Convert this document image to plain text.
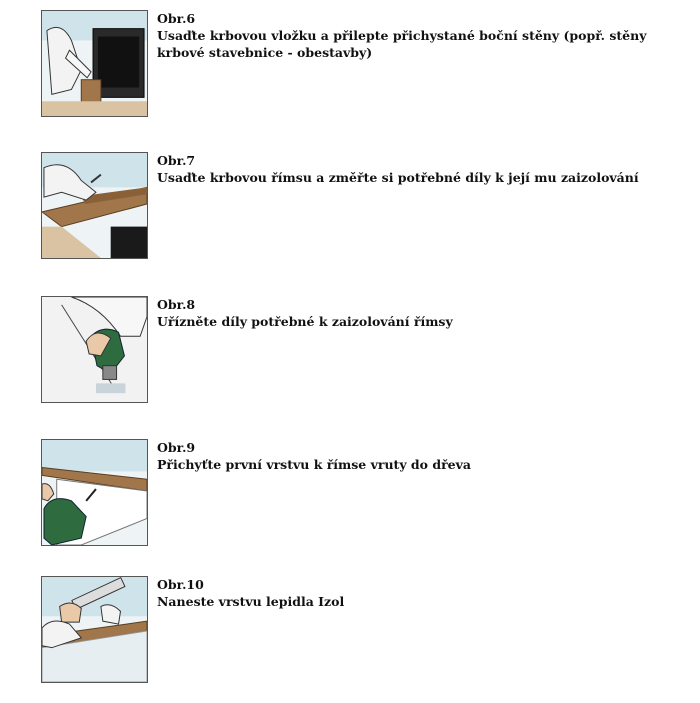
Obr.6
Usaďte krbovou vložku a přilepte přichystané boční stěny (popř. stěny krbové stavebnice - obestavby)
Obr.7
Usaďte krbovou římsu a změřte si potřebné díly k její mu zaizolování
Obr.8
Uřízněte díly potřebné k zaizolování římsy
Obr.9
Přichyťte první vrstvu k římse vruty do dřeva
Obr.10
Naneste vrstvu lepidla Izol
